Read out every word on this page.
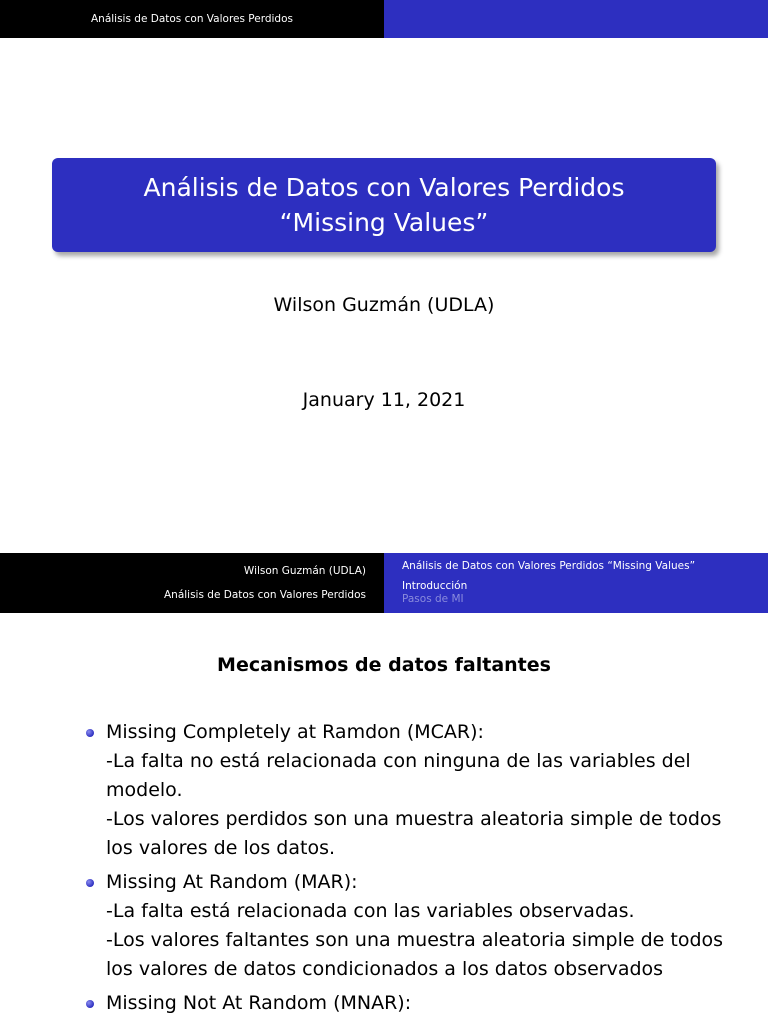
Análisis de Datos con Valores Perdidos
Análisis de Datos con Valores Perdidos “Missing Values”
Wilson Guzmán (UDLA)
January 11, 2021
Wilson Guzmán (UDLA)
Análisis de Datos con Valores Perdidos
Análisis de Datos con Valores Perdidos “Missing Values”
Introducción
Pasos de MI
Mecanismos de datos faltantes
Missing Completely at Ramdon (MCAR):
-La falta no está relacionada con ninguna de las variables del modelo.
-Los valores perdidos son una muestra aleatoria simple de todos los valores de los datos.
Missing At Random (MAR):
-La falta está relacionada con las variables observadas.
-Los valores faltantes son una muestra aleatoria simple de todos los valores de datos condicionados a los datos observados
Missing Not At Random (MNAR):
